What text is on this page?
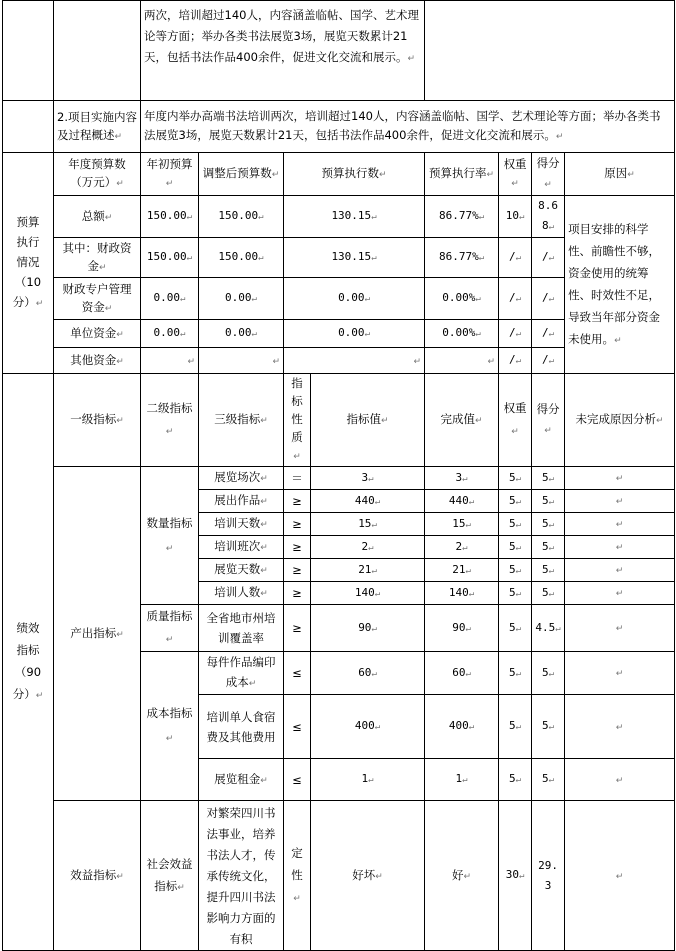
		两次，培训超过140人，内容涵盖临帖、国学、艺术理论等方面；举办各类书法展览3场，展览天数累计21天，包括书法作品400余件，促进文化交流和展示。↵							
	2.项目实施内容及过程概述↵	年度内举办高端书法培训两次，培训超过140人，内容涵盖临帖、国学、艺术理论等方面；举办各类书法展览3场，展览天数累计21天，包括书法作品400余件，促进文化交流和展示。↵							
预算执行情况（10分）↵	年度预算数（万元）↵	年初预算↵	调整后预算数↵	预算执行数↵		预算执行率↵	权重↵	得分↵	原因↵
	总额↵	150.00↵	150.00↵	130.15↵		86.77%↵	10↵	8.68↵	项目安排的科学性、前瞻性不够，资金使用的统筹性、时效性不足，导致当年部分资金未使用。↵
	其中：财政资金↵	150.00↵	150.00↵	130.15↵		86.77%↵	/↵	/↵	
	财政专户管理资金↵	0.00↵	0.00↵	0.00↵		0.00%↵	/↵	/↵	
	单位资金↵	0.00↵	0.00↵	0.00↵		0.00%↵	/↵	/↵	
	其他资金↵	↵	↵	↵		↵	/↵	/↵	
绩效指标（90分）↵	一级指标↵	二级指标↵	三级指标↵	指标性质↵	指标值↵	完成值↵	权重↵	得分↵	未完成原因分析↵
	产出指标↵	数量指标↵	展览场次↵	＝	3↵	3↵	5↵	5↵	↵
			展出作品↵	≥	440↵	440↵	5↵	5↵	↵
			培训天数↵	≥	15↵	15↵	5↵	5↵	↵
			培训班次↵	≥	2↵	2↵	5↵	5↵	↵
			展览天数↵	≥	21↵	21↵	5↵	5↵	↵
			培训人数↵	≥	140↵	140↵	5↵	5↵	↵
		质量指标↵	全省地市州培训覆盖率	≥	90↵	90↵	5↵	4.5↵	↵
		成本指标↵	每件作品编印成本↵	≤	60↵	60↵	5↵	5↵	↵
			培训单人食宿费及其他费用	≤	400↵	400↵	5↵	5↵	↵
			展览租金↵	≤	1↵	1↵	5↵	5↵	↵
	效益指标↵	社会效益指标↵	对繁荣四川书法事业，培养书法人才，传承传统文化，提升四川书法影响力方面的有积	定性↵	好坏↵	好↵	30↵	29.3	↵
